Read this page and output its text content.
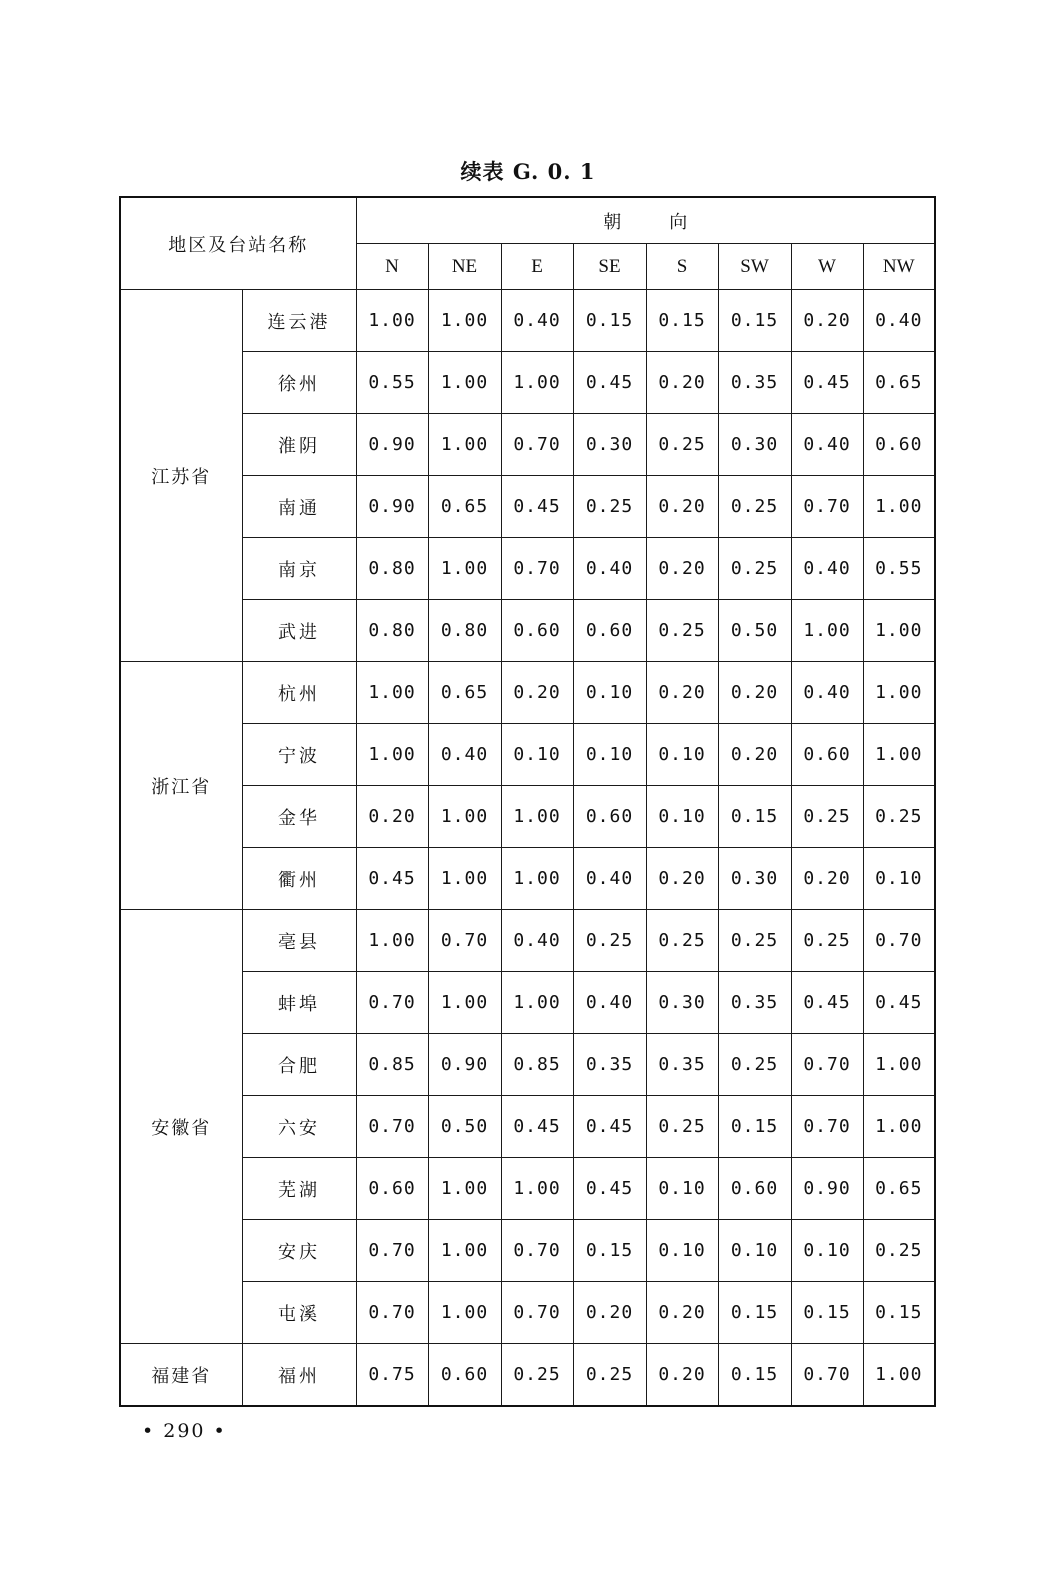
续表 G. 0. 1
地区及台站名称		朝向							
		N	NE	E	SE	S	SW	W	NW
江苏省	连云港	1.00	1.00	0.40	0.15	0.15	0.15	0.20	0.40
	徐州	0.55	1.00	1.00	0.45	0.20	0.35	0.45	0.65
	淮阴	0.90	1.00	0.70	0.30	0.25	0.30	0.40	0.60
	南通	0.90	0.65	0.45	0.25	0.20	0.25	0.70	1.00
	南京	0.80	1.00	0.70	0.40	0.20	0.25	0.40	0.55
	武进	0.80	0.80	0.60	0.60	0.25	0.50	1.00	1.00
浙江省	杭州	1.00	0.65	0.20	0.10	0.20	0.20	0.40	1.00
	宁波	1.00	0.40	0.10	0.10	0.10	0.20	0.60	1.00
	金华	0.20	1.00	1.00	0.60	0.10	0.15	0.25	0.25
	衢州	0.45	1.00	1.00	0.40	0.20	0.30	0.20	0.10
安徽省	亳县	1.00	0.70	0.40	0.25	0.25	0.25	0.25	0.70
	蚌埠	0.70	1.00	1.00	0.40	0.30	0.35	0.45	0.45
	合肥	0.85	0.90	0.85	0.35	0.35	0.25	0.70	1.00
	六安	0.70	0.50	0.45	0.45	0.25	0.15	0.70	1.00
	芜湖	0.60	1.00	1.00	0.45	0.10	0.60	0.90	0.65
	安庆	0.70	1.00	0.70	0.15	0.10	0.10	0.10	0.25
	屯溪	0.70	1.00	0.70	0.20	0.20	0.15	0.15	0.15
福建省	福州	0.75	0.60	0.25	0.25	0.20	0.15	0.70	1.00
• 290 •
